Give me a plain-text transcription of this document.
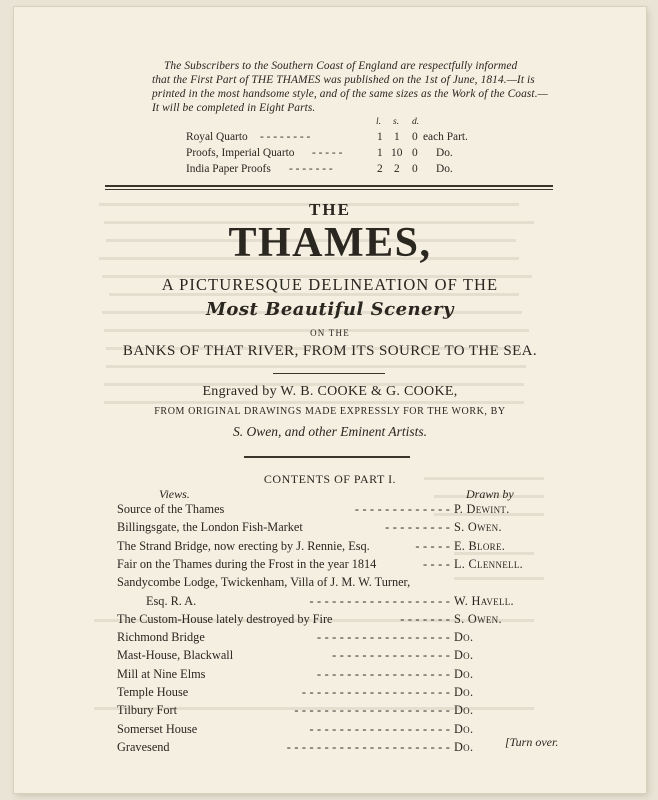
The Subscribers to the Southern Coast of England are respectfully informed
that the First Part of THE THAMES was published on the 1st of June, 1814.—It is
printed in the most handsome style, and of the same sizes as the Work of the Coast.—
It will be completed in Eight Parts.
l. s. d.
Royal Quarto - - - - - - - -	1 1 0 each Part.
Proofs, Imperial Quarto - - - - -	1 10 0 Do.
India Paper Proofs - - - - - - -	2 2 0 Do.
THE
THAMES,
A PICTURESQUE DELINEATION OF THE
Most Beautiful Scenery
ON THE
BANKS OF THAT RIVER, FROM ITS SOURCE TO THE SEA.
Engraved by W. B. COOKE & G. COOKE,
FROM ORIGINAL DRAWINGS MADE EXPRESSLY FOR THE WORK, BY
S. Owen, and other Eminent Artists.
CONTENTS OF PART I.
Views.	Drawn by
Source of the Thames	- - - - - - - - - - - - - P. Dewint.
Billingsgate, the London Fish-Market	- - - - - - - - - S. Owen.
The Strand Bridge, now erecting by J. Rennie, Esq.	- - - - - E. Blore.
Fair on the Thames during the Frost in the year 1814	- - - - L. Clennell.
Sandycombe Lodge, Twickenham, Villa of J. M. W. Turner,
Esq. R. A.	- - - - - - - - - - - - - - - - - - - W. Havell.
The Custom-House lately destroyed by Fire	- - - - - - - S. Owen.
Richmond Bridge	- - - - - - - - - - - - - - - - - - Do.
Mast-House, Blackwall	- - - - - - - - - - - - - - - - Do.
Mill at Nine Elms	- - - - - - - - - - - - - - - - - - Do.
Temple House	- - - - - - - - - - - - - - - - - - - - Do.
Tilbury Fort	- - - - - - - - - - - - - - - - - - - - - Do.
Somerset House	- - - - - - - - - - - - - - - - - - - Do.
Gravesend	- - - - - - - - - - - - - - - - - - - - - - Do.	[Turn over.
